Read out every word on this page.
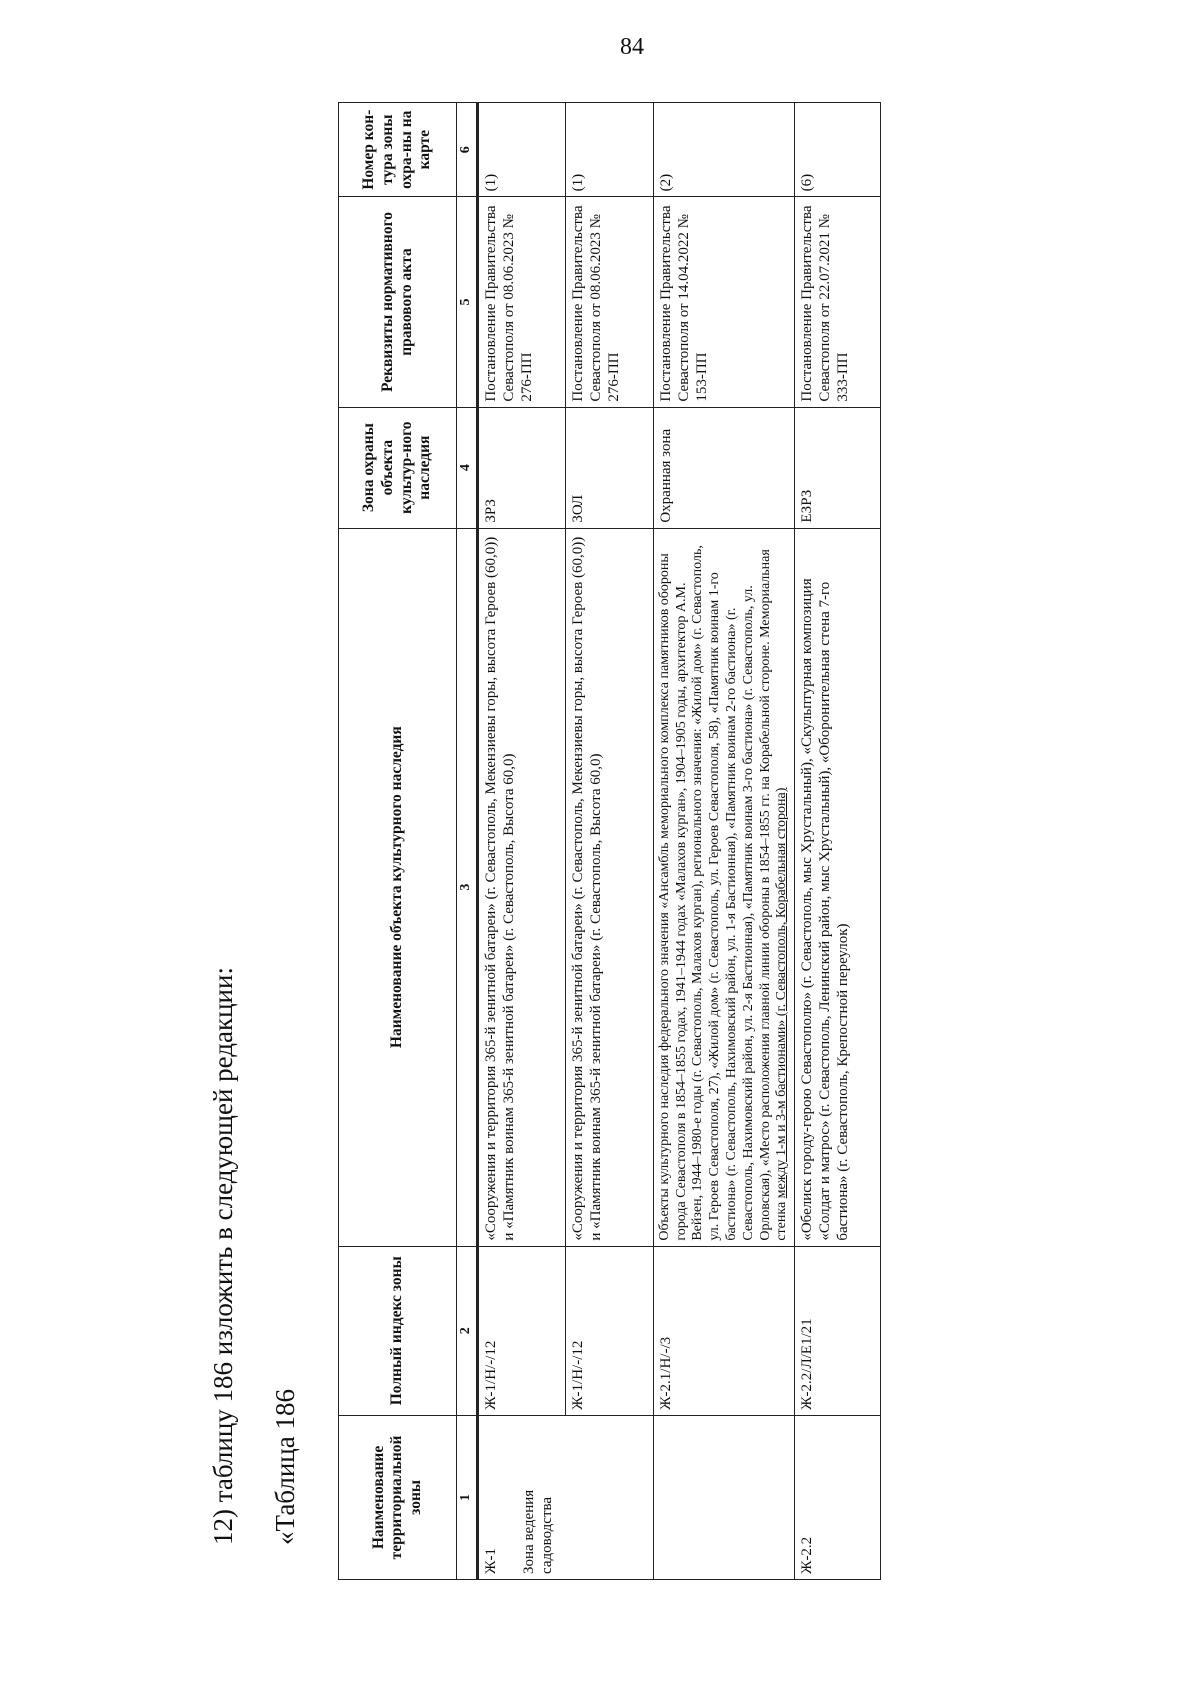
84
12) таблицу 186 изложить в следующей редакции: «Таблица 186	Наименование территориальной зоны	Полный индекс зоны	Наименование объекта культурного наследия	Зона охраны объекта культур-ного наследия	Реквизиты нормативного правового акта	Номер кон-тура зоны охра-ны на карте
1	2	3	4	5	6

Ж-1 Зона ведения садоводства	Ж-1/Н/-/12	«Сооружения и территория 365-й зенитной батареи» (г. Севастополь, Мекензиевы горы, высота Героев (60,0)) и «Памятник воинам 365-й зенитной батареи» (г. Севастополь, Высота 60,0)	ЗРЗ	Постановление Правительства Севастополя от 08.06.2023 № 276-ПП	(1)
	Ж-1/Н/-/12	«Сооружения и территория 365-й зенитной батареи» (г. Севастополь, Мекензиевы горы, высота Героев (60,0)) и «Памятник воинам 365-й зенитной батареи» (г. Севастополь, Высота 60,0)	ЗОЛ	Постановление Правительства Севастополя от 08.06.2023 № 276-ПП	(1)

	Ж-2.1/Н/-/3	Объекты культурного наследия федерального значения «Ансамбль мемориального комплекса памятников обороны города Севастополя в 1854–1855 годах, 1941–1944 годах «Малахов курган», 1904–1905 годы, архитектор А.М. Вейзен, 1944–1980-е годы (г. Севастополь, Малахов курган), регионального значения: «Жилой дом» (г. Севастополь, ул. Героев Севастополя, 27), «Жилой дом» (г. Севастополь, ул. Героев Севастополя, 58), «Памятник воинам 1-го бастиона» (г. Севастополь, Нахимовский район, ул. 1-я Бастионная), «Памятник воинам 2-го бастиона» (г. Севастополь, Нахимовский район, ул. 2-я Бастионная), «Памятник воинам 3-го бастиона» (г. Севастополь, ул. Орловская), «Место расположения главной линии обороны в 1854–1855 гг. на Корабельной стороне. Мемориальная стенка между 1-м и 3-м бастионами» (г. Севастополь, Корабельная сторона)	Охранная зона	Постановление Правительства Севастополя от 14.04.2022 № 153-ПП	(2)

Ж-2.2	Ж-2.2/Л/Е1/21	«Обелиск городу-герою Севастополю» (г. Севастополь, мыс Хрустальный), «Скульптурная композиция «Солдат и матрос» (г. Севастополь, Ленинский район, мыс Хрустальный), «Оборонительная стена 7-го бастиона» (г. Севастополь, Крепостной переулок)	ЕЗРЗ	Постановление Правительства Севастополя от 22.07.2021 № 333-ПП	(6)
